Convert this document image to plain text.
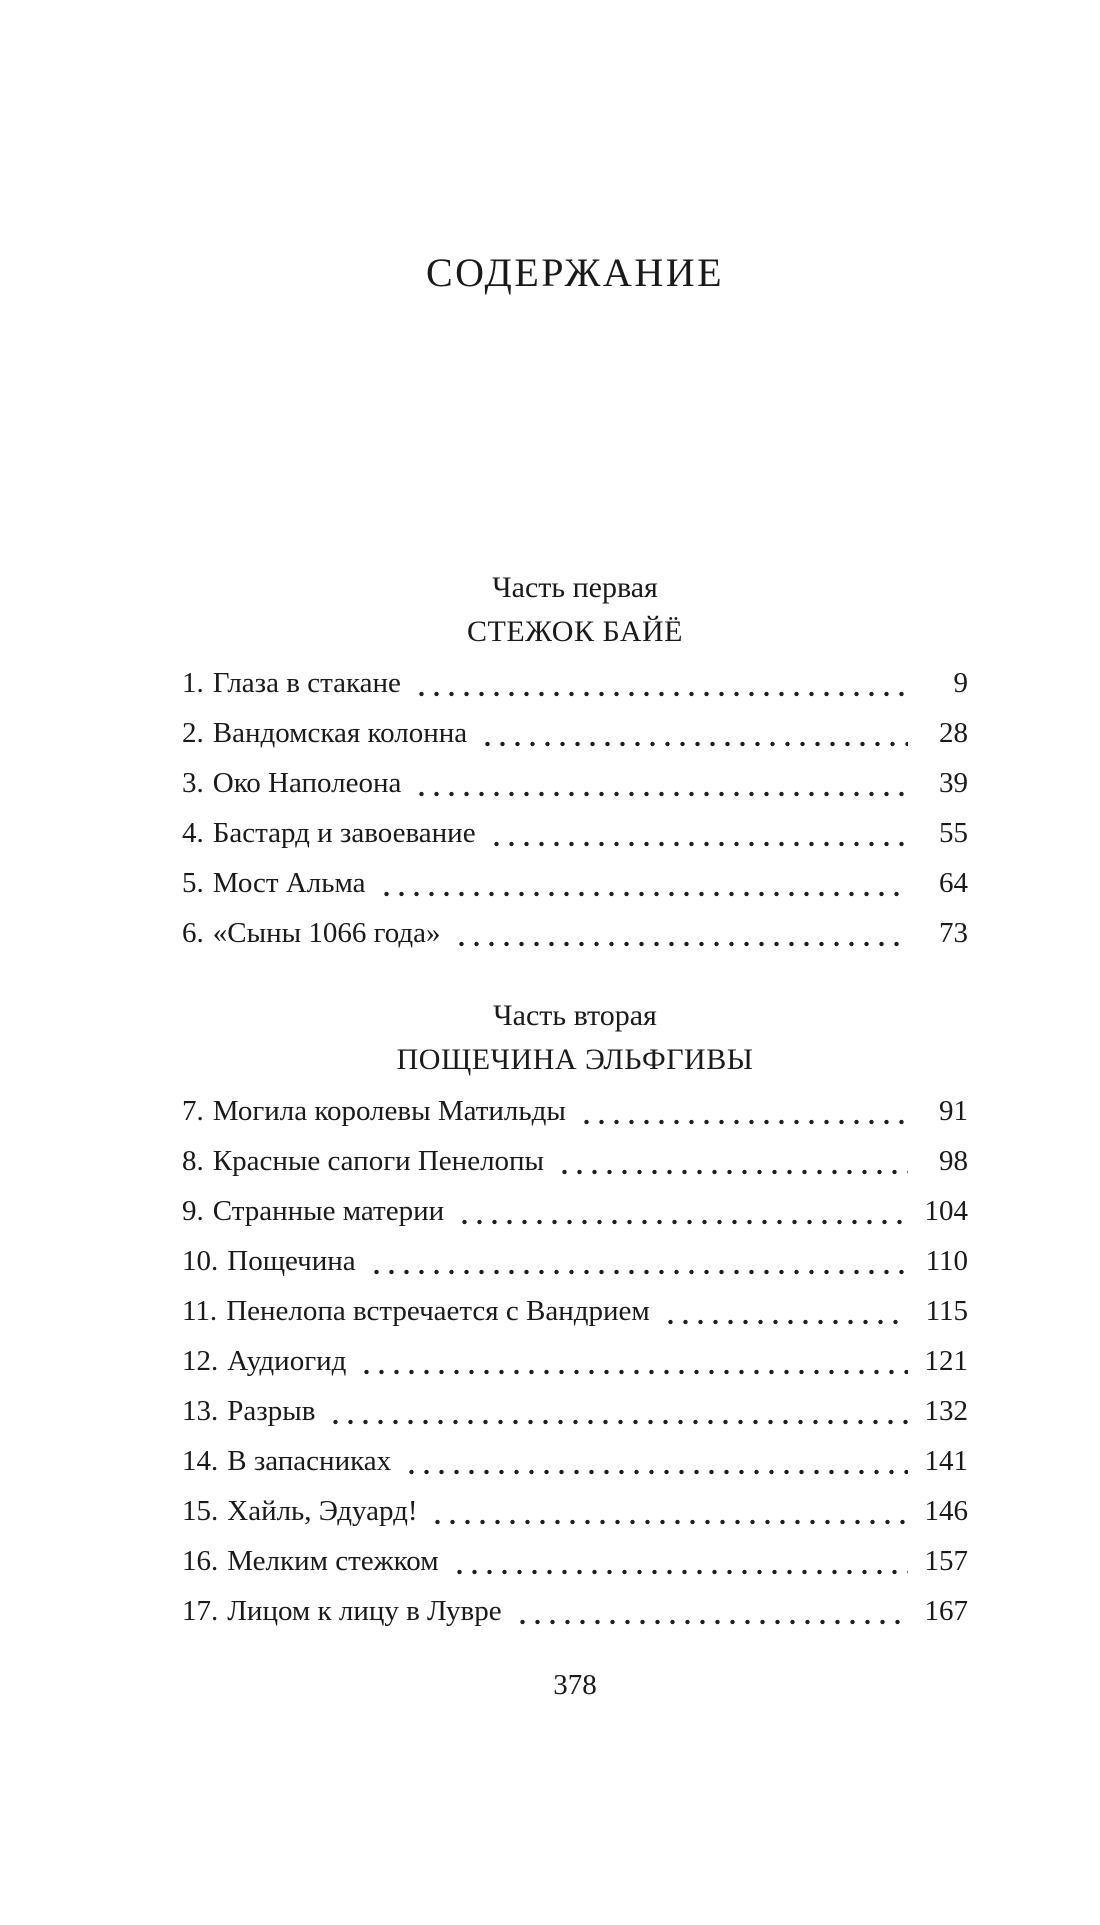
СОДЕРЖАНИЕ
Часть первая
СТЕЖОК БАЙЁ
1. Глаза в стакане	9
2. Вандомская колонна	28
3. Око Наполеона	39
4. Бастард и завоевание	55
5. Мост Альма	64
6. «Сыны 1066 года»	73
Часть вторая
ПОЩЕЧИНА ЭЛЬФГИВЫ
7. Могила королевы Матильды	91
8. Красные сапоги Пенелопы	98
9. Странные материи	104
10. Пощечина	110
11. Пенелопа встречается с Вандрием	115
12. Аудиогид	121
13. Разрыв	132
14. В запасниках	141
15. Хайль, Эдуард!	146
16. Мелким стежком	157
17. Лицом к лицу в Лувре	167
378
